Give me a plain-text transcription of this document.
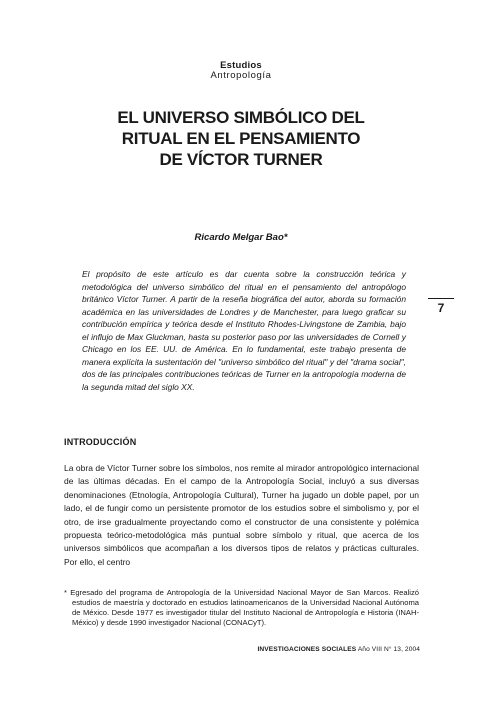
Estudios
Antropología
EL UNIVERSO SIMBÓLICO DEL
RITUAL EN EL PENSAMIENTO
DE VÍCTOR TURNER
Ricardo Melgar Bao*
El propósito de este artículo es dar cuenta sobre la construcción teórica y metodológica del universo simbólico del ritual en el pensamiento del antropólogo británico Víctor Turner. A partir de la reseña biográfica del autor, aborda su formación académica en las universidades de Londres y de Manchester, para luego graficar su contribución empírica y teórica desde el Instituto Rhodes-Livingstone de Zambia, bajo el influjo de Max Gluckman, hasta su posterior paso por las universidades de Cornell y Chicago en los EE. UU. de América. En lo fundamental, este trabajo presenta de manera explícita la sustentación del "universo simbólico del ritual" y del "drama social", dos de las principales contribuciones teóricas de Turner en la antropología moderna de la segunda mitad del siglo XX.
7
INTRODUCCIÓN
La obra de Víctor Turner sobre los símbolos, nos remite al mirador antropológico internacional de las últimas décadas. En el campo de la Antropología Social, incluyó a sus diversas denominaciones (Etnología, Antropología Cultural), Turner ha jugado un doble papel, por un lado, el de fungir como un persistente promotor de los estudios sobre el simbolismo y, por el otro, de irse gradualmente proyectando como el constructor de una consistente y polémica propuesta teórico-metodológica más puntual sobre símbolo y ritual, que acerca de los universos simbólicos que acompañan a los diversos tipos de relatos y prácticas culturales. Por ello, el centro
* Egresado del programa de Antropología de la Universidad Nacional Mayor de San Marcos. Realizó estudios de maestría y doctorado en estudios latinoamericanos de la Universidad Nacional Autónoma de México. Desde 1977 es investigador titular del Instituto Nacional de Antropología e Historia (INAH-México) y desde 1990 investigador Nacional (CONACyT).
INVESTIGACIONES SOCIALES Año VIII N° 13, 2004
